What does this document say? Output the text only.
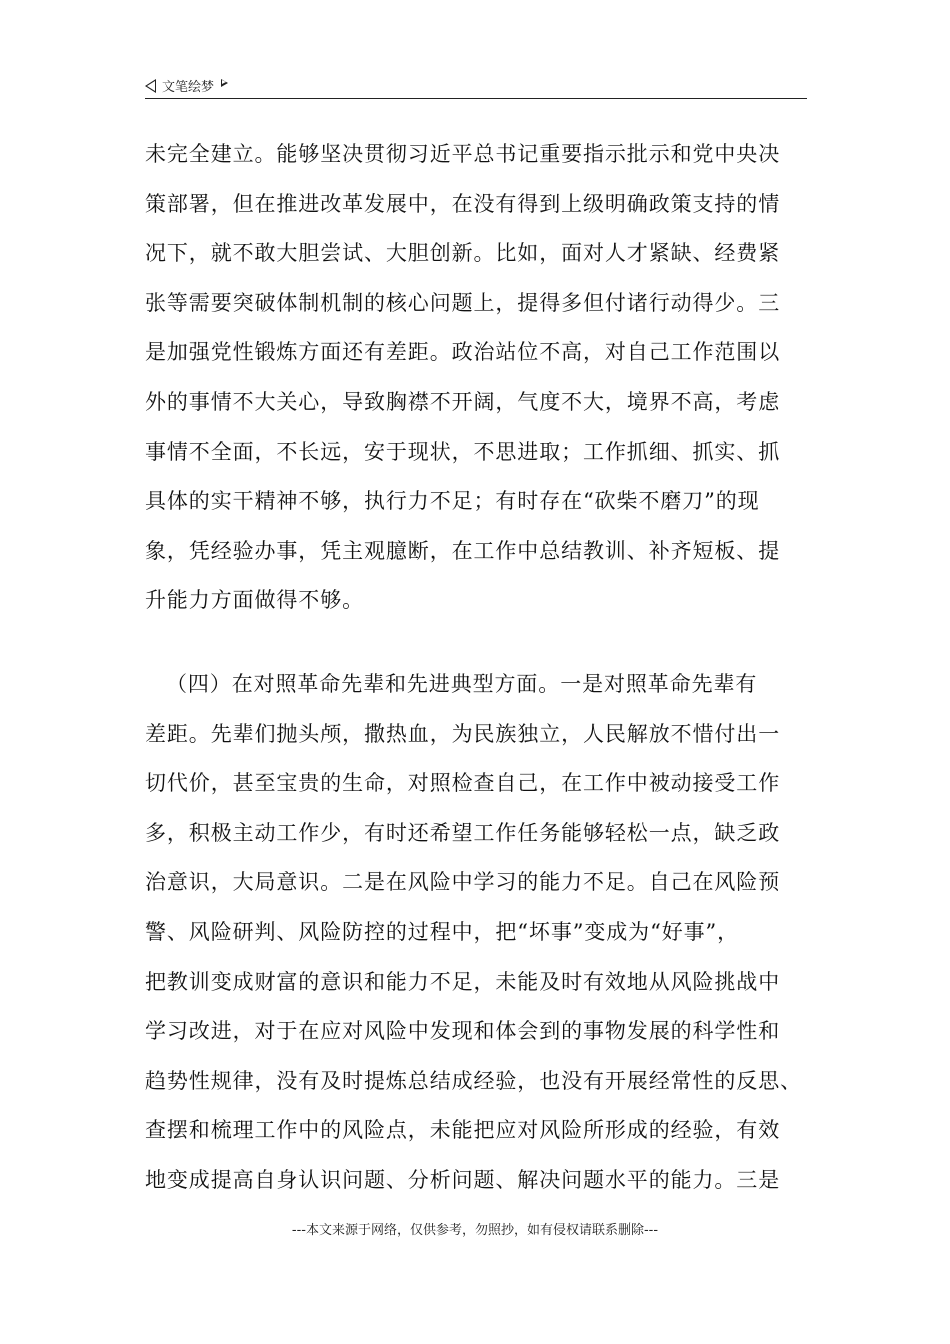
文笔绘梦
未完全建立。能够坚决贯彻习近平总书记重要指示批示和党中央决
策部署，但在推进改革发展中，在没有得到上级明确政策支持的情
况下，就不敢大胆尝试、大胆创新。比如，面对人才紧缺、经费紧
张等需要突破体制机制的核心问题上，提得多但付诸行动得少。三
是加强党性锻炼方面还有差距。政治站位不高，对自己工作范围以
外的事情不大关心，导致胸襟不开阔，气度不大，境界不高，考虑
事情不全面，不长远，安于现状，不思进取；工作抓细、抓实、抓
具体的实干精神不够，执行力不足；有时存在“砍柴不磨刀”的现
象，凭经验办事，凭主观臆断，在工作中总结教训、补齐短板、提
升能力方面做得不够。
（四）在对照革命先辈和先进典型方面。一是对照革命先辈有
差距。先辈们抛头颅，撒热血，为民族独立，人民解放不惜付出一
切代价，甚至宝贵的生命，对照检查自己，在工作中被动接受工作
多，积极主动工作少，有时还希望工作任务能够轻松一点，缺乏政
治意识，大局意识。二是在风险中学习的能力不足。自己在风险预
警、风险研判、风险防控的过程中，把“坏事”变成为“好事”，
把教训变成财富的意识和能力不足，未能及时有效地从风险挑战中
学习改进，对于在应对风险中发现和体会到的事物发展的科学性和
趋势性规律，没有及时提炼总结成经验，也没有开展经常性的反思、
查摆和梳理工作中的风险点，未能把应对风险所形成的经验，有效
地变成提高自身认识问题、分析问题、解决问题水平的能力。三是
---本文来源于网络，仅供参考，勿照抄，如有侵权请联系删除---
